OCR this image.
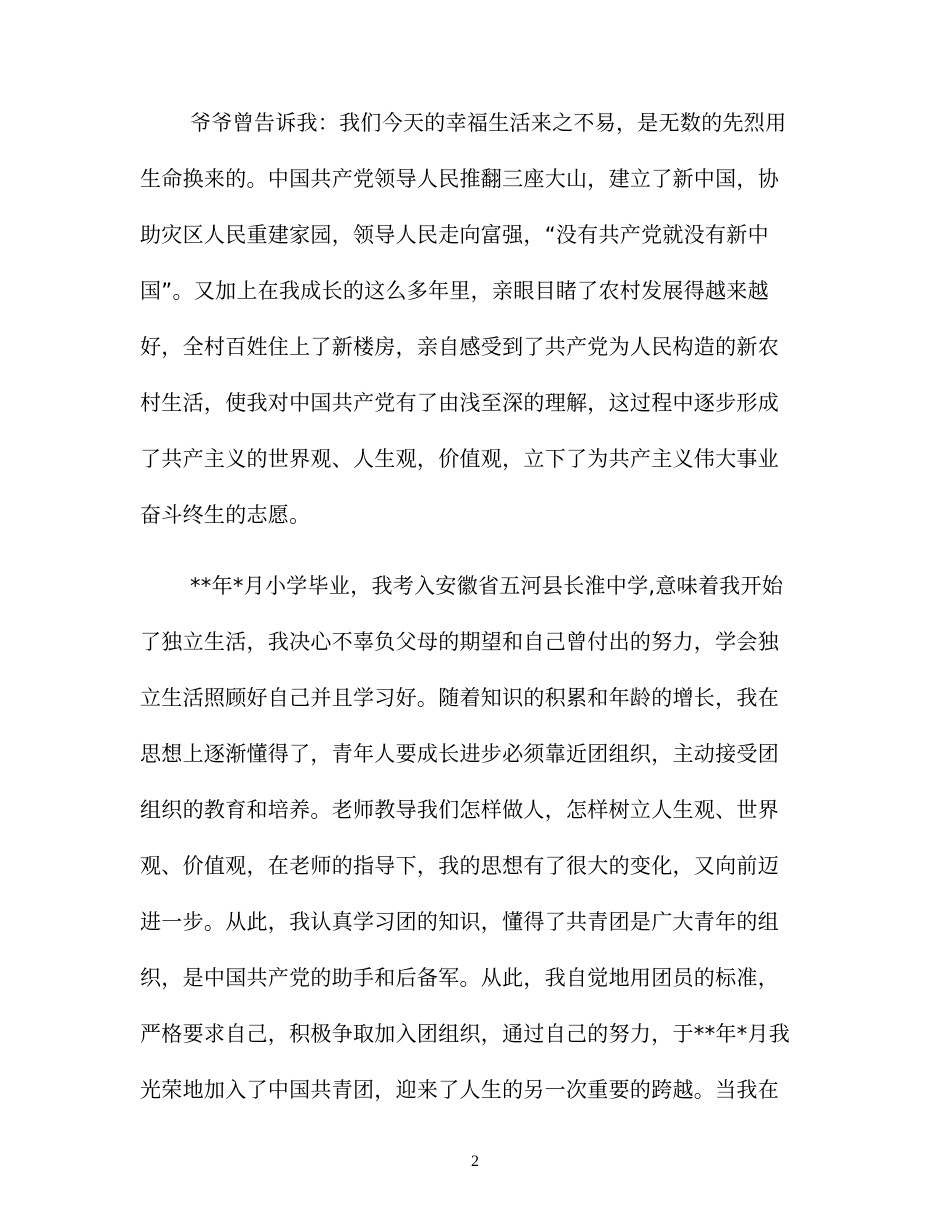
爷爷曾告诉我：我们今天的幸福生活来之不易，是无数的先烈用
生命换来的。中国共产党领导人民推翻三座大山，建立了新中国，协
助灾区人民重建家园，领导人民走向富强，“没有共产党就没有新中
国”。又加上在我成长的这么多年里，亲眼目睹了农村发展得越来越
好，全村百姓住上了新楼房，亲自感受到了共产党为人民构造的新农
村生活，使我对中国共产党有了由浅至深的理解，这过程中逐步形成
了共产主义的世界观、人生观，价值观，立下了为共产主义伟大事业
奋斗终生的志愿。
**年*月小学毕业，我考入安徽省五河县长淮中学,意味着我开始
了独立生活，我决心不辜负父母的期望和自己曾付出的努力，学会独
立生活照顾好自己并且学习好。随着知识的积累和年龄的增长，我在
思想上逐渐懂得了，青年人要成长进步必须靠近团组织，主动接受团
组织的教育和培养。老师教导我们怎样做人，怎样树立人生观、世界
观、价值观，在老师的指导下，我的思想有了很大的变化，又向前迈
进一步。从此，我认真学习团的知识，懂得了共青团是广大青年的组
织，是中国共产党的助手和后备军。从此，我自觉地用团员的标准，
严格要求自己，积极争取加入团组织，通过自己的努力，于**年*月我
光荣地加入了中国共青团，迎来了人生的另一次重要的跨越。当我在
2
